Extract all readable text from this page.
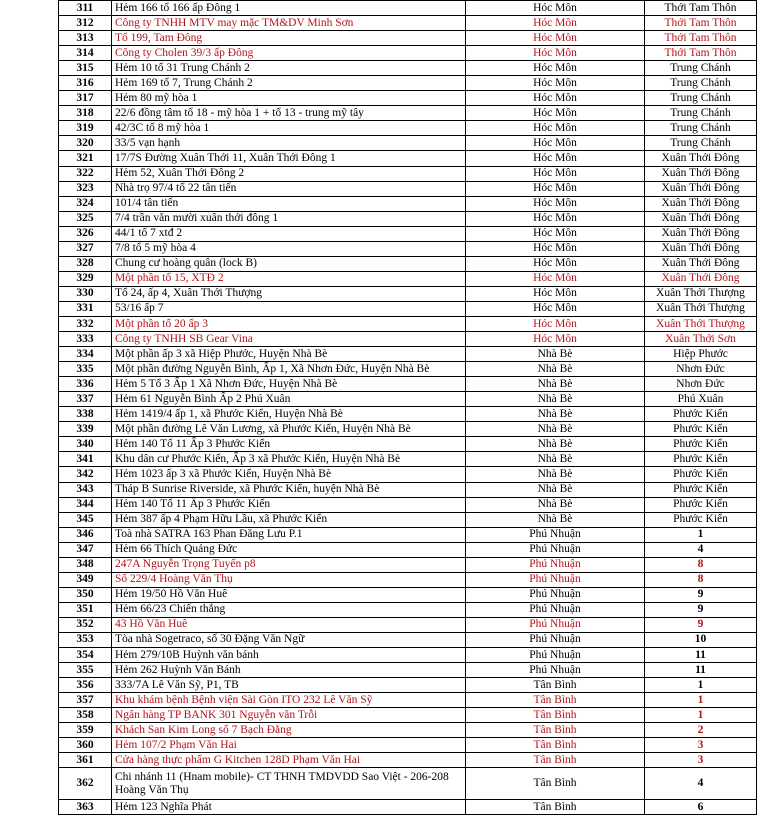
311	Hẻm 166 tổ 166 ấp Đông 1	Hóc Môn	Thới Tam Thôn
312	Công ty TNHH MTV may mặc TM&DV Minh Sơn	Hóc Môn	Thới Tam Thôn
313	Tổ 199, Tam Đông	Hóc Môn	Thới Tam Thôn
314	Công ty Cholen 39/3 ấp Đông	Hóc Môn	Thới Tam Thôn
315	Hẻm 10 tổ 31 Trung Chánh 2	Hóc Môn	Trung Chánh
316	Hẻm 169 tổ 7, Trung Chánh 2	Hóc Môn	Trung Chánh
317	Hẻm 80 mỹ hòa 1	Hóc Môn	Trung Chánh
318	22/6 đồng tâm tổ 18 - mỹ hòa 1 + tổ 13 - trung mỹ tây	Hóc Môn	Trung Chánh
319	42/3C tổ 8 mỹ hòa 1	Hóc Môn	Trung Chánh
320	33/5 vạn hạnh	Hóc Môn	Trung Chánh
321	17/7S Đường Xuân Thới 11, Xuân Thới Đông 1	Hóc Môn	Xuân Thới Đông
322	Hẻm 52, Xuân Thới Đông 2	Hóc Môn	Xuân Thới Đông
323	Nhà trọ 97/4 tổ 22 tân tiến	Hóc Môn	Xuân Thới Đông
324	101/4 tân tiến	Hóc Môn	Xuân Thới Đông
325	7/4 trần văn mười xuân thới đông 1	Hóc Môn	Xuân Thới Đông
326	44/1 tổ 7 xtđ 2	Hóc Môn	Xuân Thới Đông
327	7/8 tổ 5 mỹ hòa 4	Hóc Môn	Xuân Thới Đông
328	Chung cư hoàng quân (lock B)	Hóc Môn	Xuân Thới Đông
329	Một phần tổ 15, XTĐ 2	Hóc Môn	Xuân Thới Đông
330	Tổ 24, ấp 4, Xuân Thới Thượng	Hóc Môn	Xuân Thới Thượng
331	53/16 ấp 7	Hóc Môn	Xuân Thới Thượng
332	Một phần tổ 20 ấp 3	Hóc Môn	Xuân Thới Thượng
333	Công ty TNHH SB Gear Vina	Hóc Môn	Xuân Thới Sơn
334	Một phần ấp 3 xã Hiệp Phước, Huyện Nhà Bè	Nhà Bè	Hiệp Phước
335	Một phần đường Nguyễn Bình, Ấp 1, Xã Nhơn Đức, Huyện Nhà Bè	Nhà Bè	Nhơn Đức
336	Hẻm 5 Tổ 3 Ấp 1 Xã Nhơn Đức, Huyện Nhà Bè	Nhà Bè	Nhơn Đức
337	Hẻm 61 Nguyễn Bình Ấp 2 Phú Xuân	Nhà Bè	Phú Xuân
338	Hẻm 1419/4 ấp 1, xã Phước Kiển, Huyện Nhà Bè	Nhà Bè	Phước Kiển
339	Một phần đường Lê Văn Lương, xã Phước Kiển, Huyện Nhà Bè	Nhà Bè	Phước Kiển
340	Hẻm 140 Tổ 11 Ấp 3 Phước Kiển	Nhà Bè	Phước Kiển
341	Khu dân cư Phước Kiển, Ấp 3 xã Phước Kiển, Huyện Nhà Bè	Nhà Bè	Phước Kiển
342	Hẻm 1023 ấp 3 xã Phước Kiển, Huyện Nhà Bè	Nhà Bè	Phước Kiển
343	Tháp B Sunrise Riverside, xã Phước Kiển, huyện Nhà Bè	Nhà Bè	Phước Kiển
344	Hẻm 140 Tổ 11 Ấp 3 Phước Kiển	Nhà Bè	Phước Kiển
345	Hẻm 387 ấp 4 Phạm Hữu Lầu, xã Phước Kiển	Nhà Bè	Phước Kiển
346	Toà nhà SATRA 163 Phan Đăng Lưu P.1	Phú Nhuận	1
347	Hẻm 66 Thích Quảng Đức	Phú Nhuận	4
348	247A Nguyễn Trọng Tuyển p8	Phú Nhuận	8
349	Số 229/4 Hoàng Văn Thụ	Phú Nhuận	8
350	Hẻm 19/50 Hồ Văn Huê	Phú Nhuận	9
351	Hẻm 66/23 Chiến thắng	Phú Nhuận	9
352	43 Hồ Văn Huê	Phú Nhuận	9
353	Tòa nhà Sogetraco, số 30 Đặng Văn Ngữ	Phú Nhuận	10
354	Hẻm 279/10B Huỳnh văn bánh	Phú Nhuận	11
355	Hẻm 262 Huỳnh Văn Bánh	Phú Nhuận	11
356	333/7A Lê Văn Sỹ, P1, TB	Tân Bình	1
357	Khu khám bệnh Bệnh viện Sài Gòn ITO 232 Lê Văn Sỹ	Tân Bình	1
358	Ngân hàng TP BANK 301 Nguyễn văn Trỗi	Tân Bình	1
359	Khách San Kim Long số 7 Bạch Đằng	Tân Bình	2
360	Hẻm 107/2 Phạm Văn Hai	Tân Bình	3
361	Cửa hàng thực phẩm G Kitchen 128D Phạm Văn Hai	Tân Bình	3
362	Chi nhánh 11 (Hnam mobile)- CT THNH TMDVDD Sao Việt - 206-208 Hoàng Văn Thụ	Tân Bình	4
363	Hẻm 123 Nghĩa Phát	Tân Bình	6
